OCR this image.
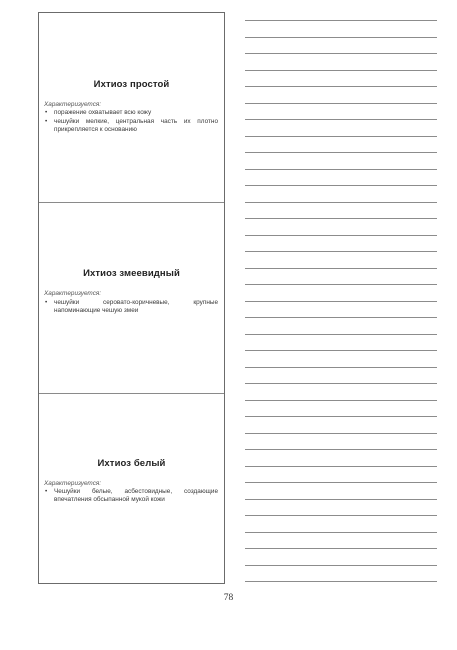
Ихтиоз простой
Характеризуется:
• поражение охватывает всю кожу
• чешуйки мелкие, центральная часть их плотно прикрепляется к основанию
Ихтиоз змеевидный
Характеризуется:
• чешуйки серовато-коричневые, крупные напоминающие чешую змеи
Ихтиоз белый
Характеризуется:
• Чешуйки белые, асбестовидные, создающие впечатления обсыпанной мукой кожи
78
